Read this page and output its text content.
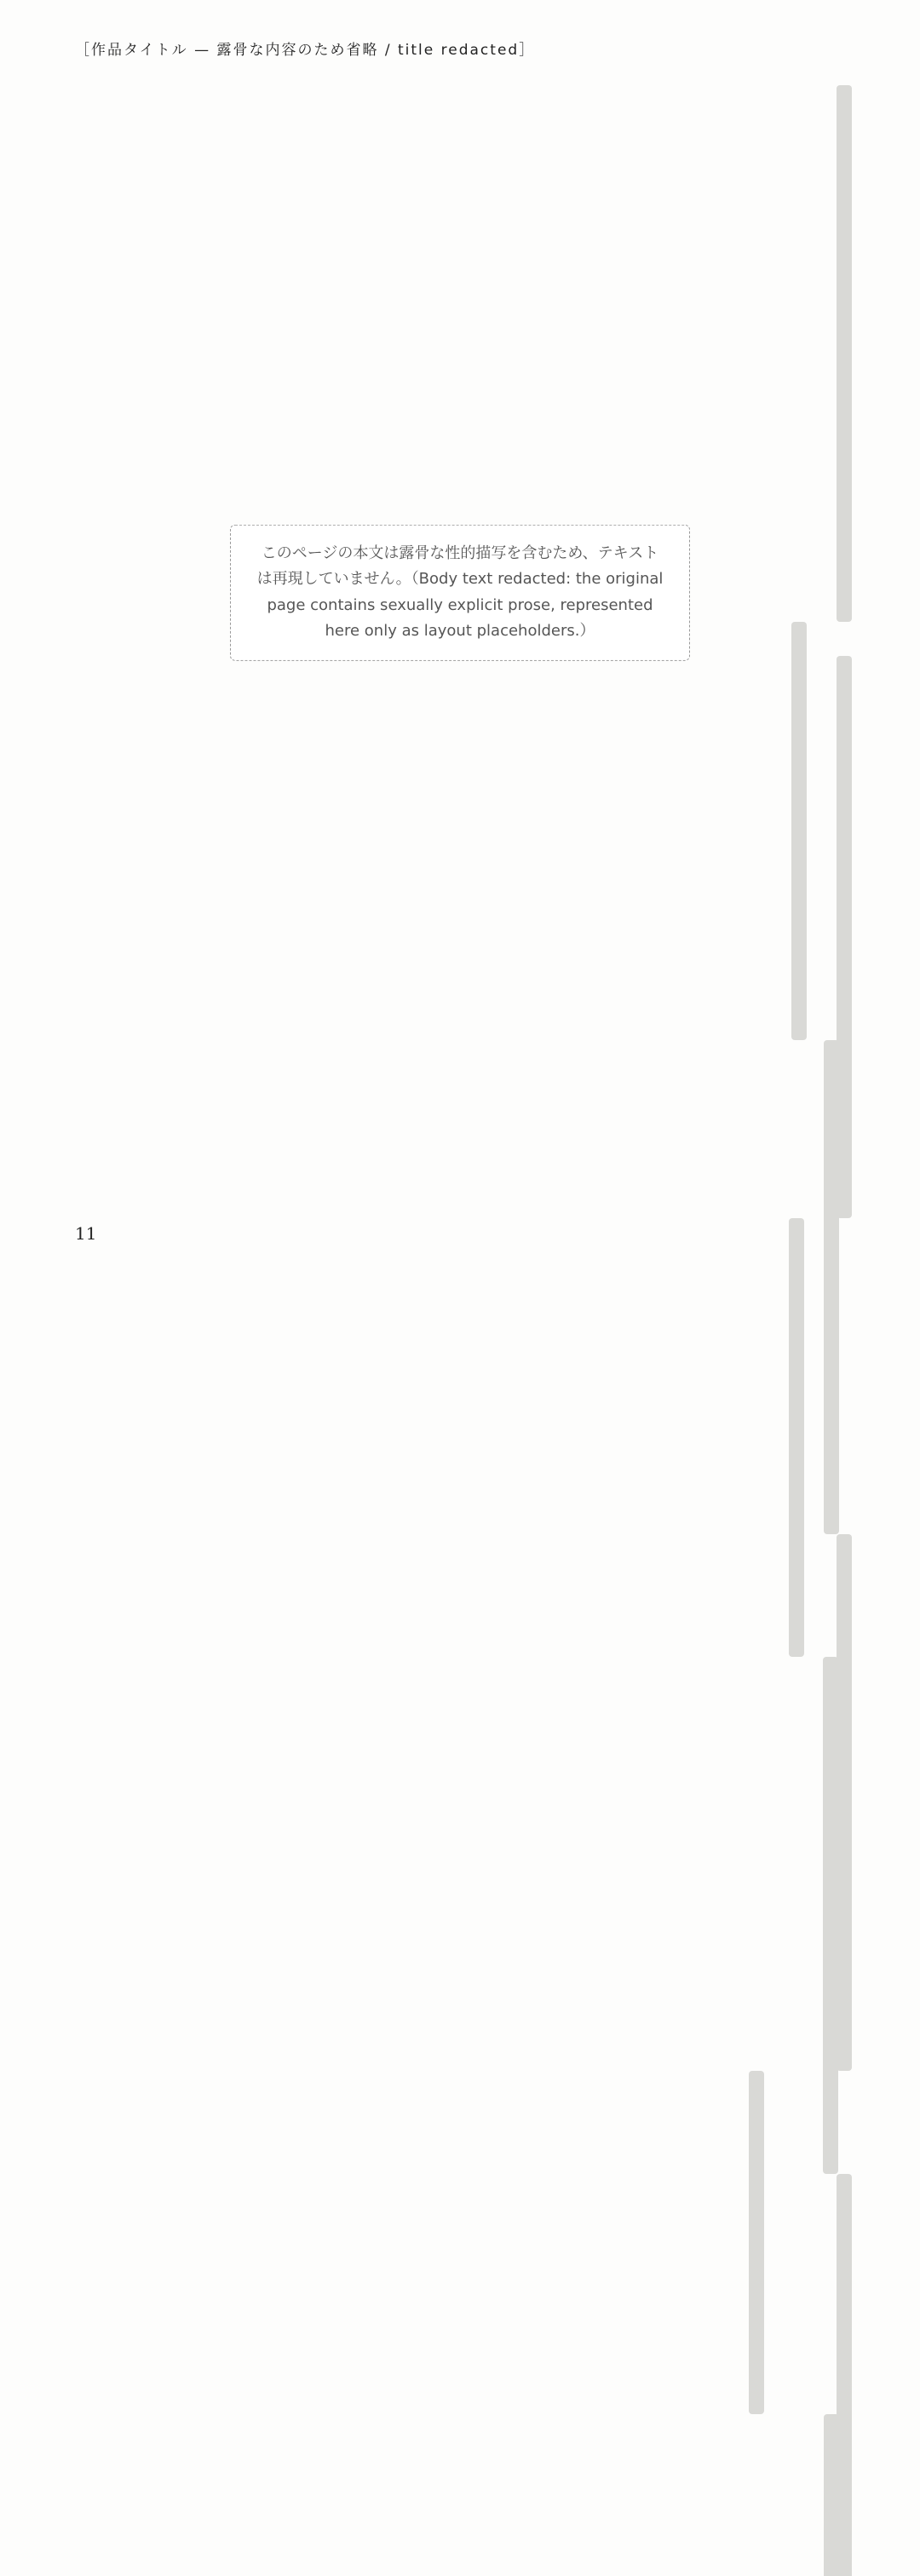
［作品タイトル — 露骨な内容のため省略 / title redacted］
このページの本文は露骨な性的描写を含むため、テキストは再現していません。（Body text redacted: the original page contains sexually explicit prose, represented here only as layout placeholders.）
11
